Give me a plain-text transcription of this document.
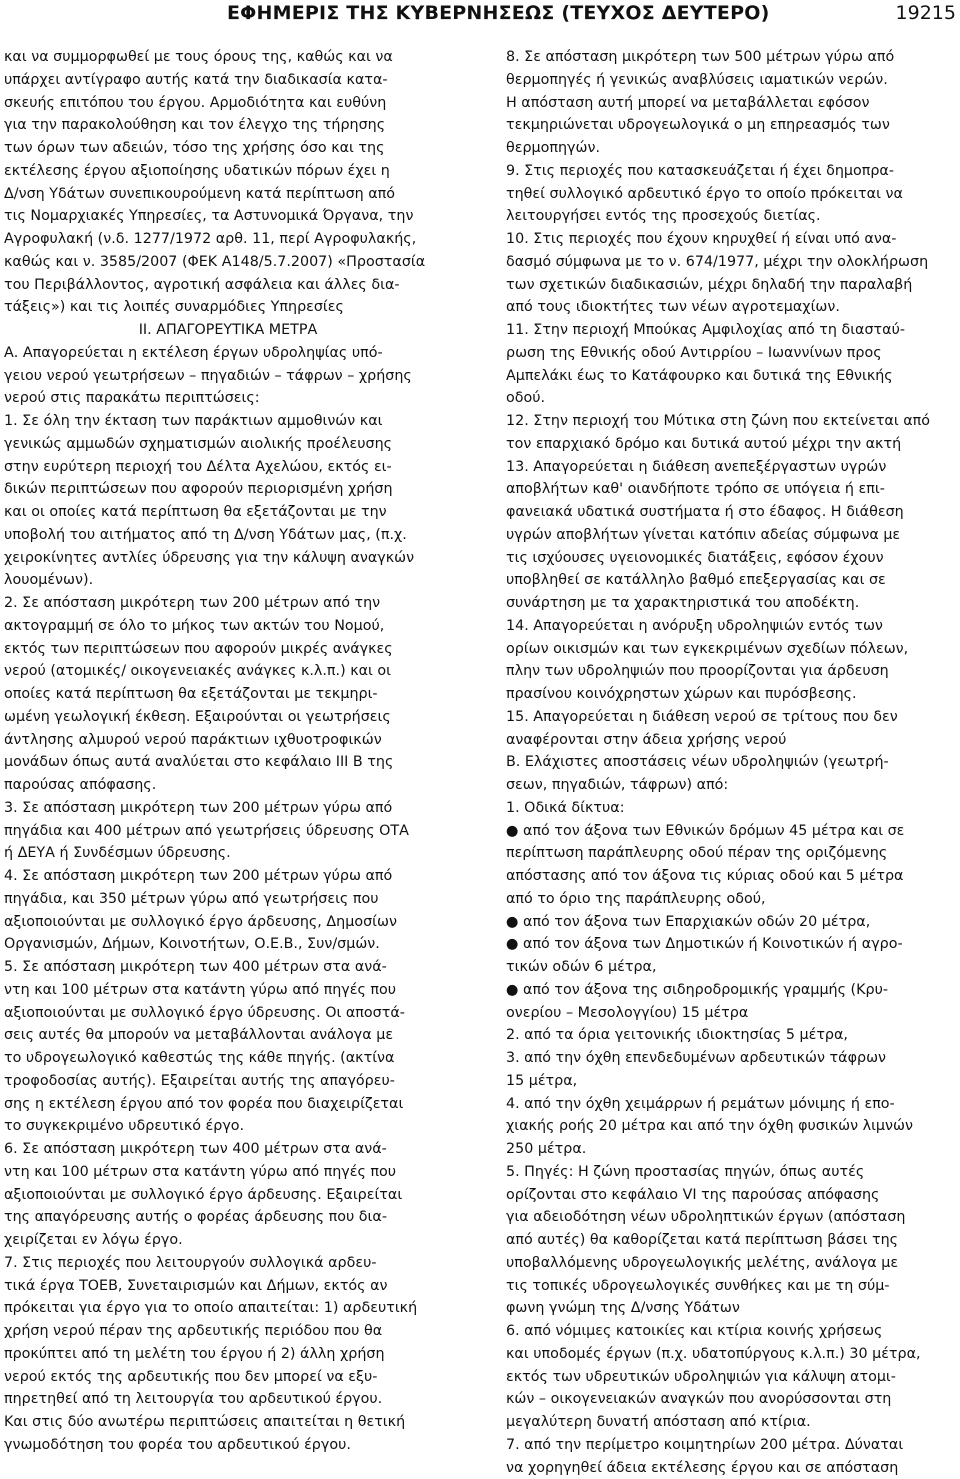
ΕΦΗΜΕΡΙΣ ΤΗΣ ΚΥΒΕΡΝΗΣΕΩΣ (ΤΕΥΧΟΣ ΔΕΥΤΕΡΟ)	19215
και να συμμορφωθεί με τους όρους της, καθώς και να
υπάρχει αντίγραφο αυτής κατά την διαδικασία κατα-
σκευής επιτόπου του έργου. Αρμοδιότητα και ευθύνη
για την παρακολούθηση και τον έλεγχο της τήρησης
των όρων των αδειών, τόσο της χρήσης όσο και της
εκτέλεσης έργου αξιοποίησης υδατικών πόρων έχει η
Δ/νση Υδάτων συνεπικουρούμενη κατά περίπτωση από
τις Νομαρχιακές Υπηρεσίες, τα Αστυνομικά Όργανα, την
Αγροφυλακή (ν.δ. 1277/1972 αρθ. 11, περί Αγροφυλακής,
καθώς και ν. 3585/2007 (ΦΕΚ Α148/5.7.2007) «Προστασία
του Περιβάλλοντος, αγροτική ασφάλεια και άλλες δια-
τάξεις») και τις λοιπές συναρμόδιες Υπηρεσίες
ΙΙ. ΑΠΑΓΟΡΕΥΤΙΚΑ ΜΕΤΡΑ
Α. Απαγορεύεται η εκτέλεση έργων υδροληψίας υπό-
γειου νερού γεωτρήσεων – πηγαδιών – τάφρων – χρήσης
νερού στις παρακάτω περιπτώσεις:
1. Σε όλη την έκταση των παράκτιων αμμοθινών και
γενικώς αμμωδών σχηματισμών αιολικής προέλευσης
στην ευρύτερη περιοχή του Δέλτα Αχελώου, εκτός ει-
δικών περιπτώσεων που αφορούν περιορισμένη χρήση
και οι οποίες κατά περίπτωση θα εξετάζονται με την
υποβολή του αιτήματος από τη Δ/νση Υδάτων μας, (π.χ.
χειροκίνητες αντλίες ύδρευσης για την κάλυψη αναγκών
λουομένων).
2. Σε απόσταση μικρότερη των 200 μέτρων από την
ακτογραμμή σε όλο το μήκος των ακτών του Νομού,
εκτός των περιπτώσεων που αφορούν μικρές ανάγκες
νερού (ατομικές/ οικογενειακές ανάγκες κ.λ.π.) και οι
οποίες κατά περίπτωση θα εξετάζονται με τεκμηρι-
ωμένη γεωλογική έκθεση. Εξαιρούνται οι γεωτρήσεις
άντλησης αλμυρού νερού παράκτιων ιχθυοτροφικών
μονάδων όπως αυτά αναλύεται στο κεφάλαιο ΙΙΙ Β της
παρούσας απόφασης.
3. Σε απόσταση μικρότερη των 200 μέτρων γύρω από
πηγάδια και 400 μέτρων από γεωτρήσεις ύδρευσης ΟΤΑ
ή ΔΕΥΑ ή Συνδέσμων ύδρευσης.
4. Σε απόσταση μικρότερη των 200 μέτρων γύρω από
πηγάδια, και 350 μέτρων γύρω από γεωτρήσεις που
αξιοποιούνται με συλλογικό έργο άρδευσης, Δημοσίων
Οργανισμών, Δήμων, Κοινοτήτων, Ο.Ε.Β., Συν/σμών.
5. Σε απόσταση μικρότερη των 400 μέτρων στα ανά-
ντη και 100 μέτρων στα κατάντη γύρω από πηγές που
αξιοποιούνται με συλλογικό έργο ύδρευσης. Οι αποστά-
σεις αυτές θα μπορούν να μεταβάλλονται ανάλογα με
το υδρογεωλογικό καθεστώς της κάθε πηγής. (ακτίνα
τροφοδοσίας αυτής). Εξαιρείται αυτής της απαγόρευ-
σης η εκτέλεση έργου από τον φορέα που διαχειρίζεται
το συγκεκριμένο υδρευτικό έργο.
6. Σε απόσταση μικρότερη των 400 μέτρων στα ανά-
ντη και 100 μέτρων στα κατάντη γύρω από πηγές που
αξιοποιούνται με συλλογικό έργο άρδευσης. Εξαιρείται
της απαγόρευσης αυτής ο φορέας άρδευσης που δια-
χειρίζεται εν λόγω έργο.
7. Στις περιοχές που λειτουργούν συλλογικά αρδευ-
τικά έργα ΤΟΕΒ, Συνεταιρισμών και Δήμων, εκτός αν
πρόκειται για έργο για το οποίο απαιτείται: 1) αρδευτική
χρήση νερού πέραν της αρδευτικής περιόδου που θα
προκύπτει από τη μελέτη του έργου ή 2) άλλη χρήση
νερού εκτός της αρδευτικής που δεν μπορεί να εξυ-
πηρετηθεί από τη λειτουργία του αρδευτικού έργου.
Και στις δύο ανωτέρω περιπτώσεις απαιτείται η θετική
γνωμοδότηση του φορέα του αρδευτικού έργου.
8. Σε απόσταση μικρότερη των 500 μέτρων γύρω από
θερμοπηγές ή γενικώς αναβλύσεις ιαματικών νερών.
Η απόσταση αυτή μπορεί να μεταβάλλεται εφόσον
τεκμηριώνεται υδρογεωλογικά ο μη επηρεασμός των
θερμοπηγών.
9. Στις περιοχές που κατασκευάζεται ή έχει δημοπρα-
τηθεί συλλογικό αρδευτικό έργο το οποίο πρόκειται να
λειτουργήσει εντός της προσεχούς διετίας.
10. Στις περιοχές που έχουν κηρυχθεί ή είναι υπό ανα-
δασμό σύμφωνα με το ν. 674/1977, μέχρι την ολοκλήρωση
των σχετικών διαδικασιών, μέχρι δηλαδή την παραλαβή
από τους ιδιοκτήτες των νέων αγροτεμαχίων.
11. Στην περιοχή Μπούκας Αμφιλοχίας από τη διασταύ-
ρωση της Εθνικής οδού Αντιρρίου – Ιωαννίνων προς
Αμπελάκι έως το Κατάφουρκο και δυτικά της Εθνικής
οδού.
12. Στην περιοχή του Μύτικα στη ζώνη που εκτείνεται από
τον επαρχιακό δρόμο και δυτικά αυτού μέχρι την ακτή
13. Απαγορεύεται η διάθεση ανεπεξέργαστων υγρών
αποβλήτων καθ' οιανδήποτε τρόπο σε υπόγεια ή επι-
φανειακά υδατικά συστήματα ή στο έδαφος. Η διάθεση
υγρών αποβλήτων γίνεται κατόπιν αδείας σύμφωνα με
τις ισχύουσες υγειονομικές διατάξεις, εφόσον έχουν
υποβληθεί σε κατάλληλο βαθμό επεξεργασίας και σε
συνάρτηση με τα χαρακτηριστικά του αποδέκτη.
14. Απαγορεύεται η ανόρυξη υδροληψιών εντός των
ορίων οικισμών και των εγκεκριμένων σχεδίων πόλεων,
πλην των υδροληψιών που προορίζονται για άρδευση
πρασίνου κοινόχρηστων χώρων και πυρόσβεσης.
15. Απαγορεύεται η διάθεση νερού σε τρίτους που δεν
αναφέρονται στην άδεια χρήσης νερού
Β. Ελάχιστες αποστάσεις νέων υδροληψιών (γεωτρή-
σεων, πηγαδιών, τάφρων) από:
1. Οδικά δίκτυα:
● από τον άξονα των Εθνικών δρόμων 45 μέτρα και σε
περίπτωση παράπλευρης οδού πέραν της οριζόμενης
απόστασης από τον άξονα τις κύριας οδού και 5 μέτρα
από το όριο της παράπλευρης οδού,
● από τον άξονα των Επαρχιακών οδών 20 μέτρα,
● από τον άξονα των Δημοτικών ή Κοινοτικών ή αγρο-
τικών οδών 6 μέτρα,
● από τον άξονα της σιδηροδρομικής γραμμής (Κρυ-
ονερίου – Μεσολογγίου) 15 μέτρα
2. από τα όρια γειτονικής ιδιοκτησίας 5 μέτρα,
3. από την όχθη επενδεδυμένων αρδευτικών τάφρων
15 μέτρα,
4. από την όχθη χειμάρρων ή ρεμάτων μόνιμης ή επο-
χιακής ροής 20 μέτρα και από την όχθη φυσικών λιμνών
250 μέτρα.
5. Πηγές: Η ζώνη προστασίας πηγών, όπως αυτές
ορίζονται στο κεφάλαιο VI της παρούσας απόφασης
για αδειοδότηση νέων υδροληπτικών έργων (απόσταση
από αυτές) θα καθορίζεται κατά περίπτωση βάσει της
υποβαλλόμενης υδρογεωλογικής μελέτης, ανάλογα με
τις τοπικές υδρογεωλογικές συνθήκες και με τη σύμ-
φωνη γνώμη της Δ/νσης Υδάτων
6. από νόμιμες κατοικίες και κτίρια κοινής χρήσεως
και υποδομές έργων (π.χ. υδατοπύργους κ.λ.π.) 30 μέτρα,
εκτός των υδρευτικών υδροληψιών για κάλυψη ατομι-
κών – οικογενειακών αναγκών που ανορύσσονται στη
μεγαλύτερη δυνατή απόσταση από κτίρια.
7. από την περίμετρο κοιμητηρίων 200 μέτρα. Δύναται
να χορηγηθεί άδεια εκτέλεσης έργου και σε απόσταση
